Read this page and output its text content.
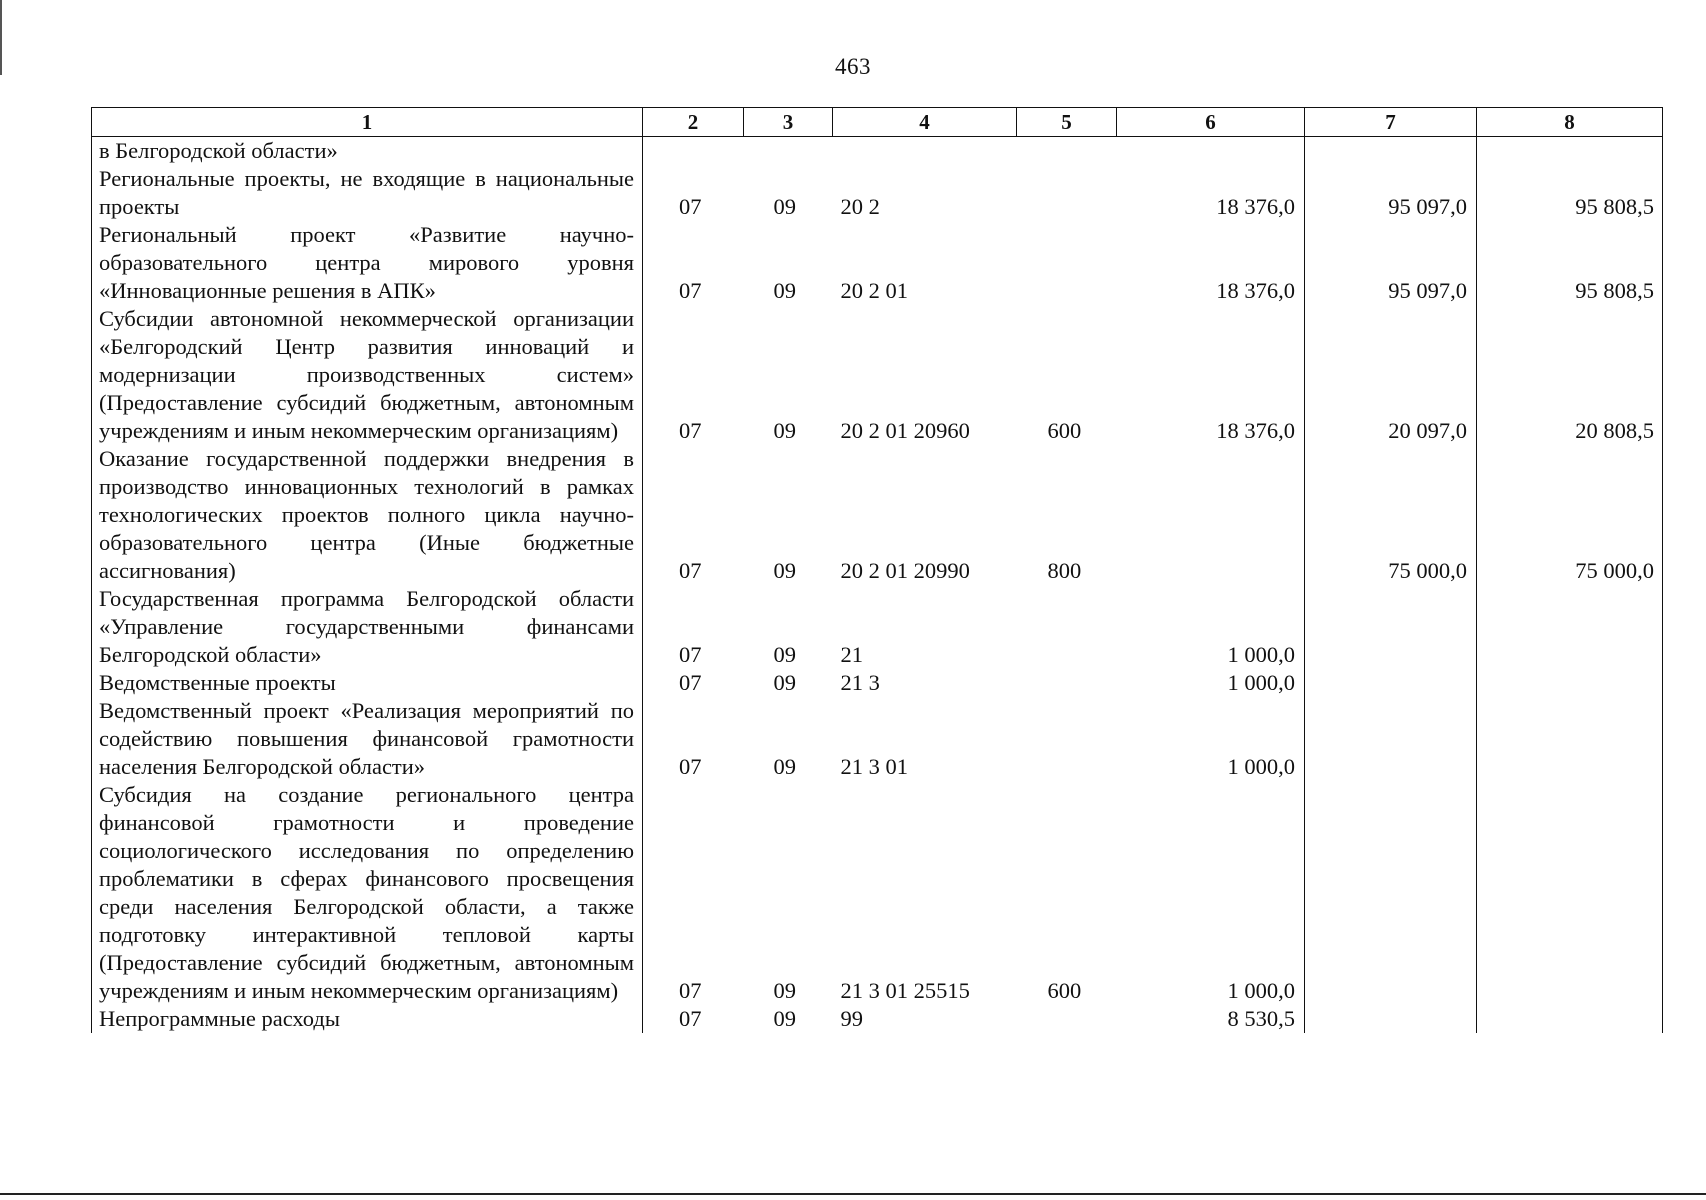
463
1	2	3	4	5	6	7	8

в Белгородской области»							

Региональные проекты, не входящие в национальные проекты	07	09	20 2		18 376,0	95 097,0	95 808,5

Региональный проект «Развитие научно-образовательного центра мирового уровня «Инновационные решения в АПК»	07	09	20 2 01		18 376,0	95 097,0	95 808,5

Субсидии автономной некоммерческой организации «Белгородский Центр развития инноваций и модернизации производственных систем» (Предоставление субсидий бюджетным, автономным учреждениям и иным некоммерческим организациям)	07	09	20 2 01 20960	600	18 376,0	20 097,0	20 808,5

Оказание государственной поддержки внедрения в производство инновационных технологий в рамках технологических проектов полного цикла научно-образовательного центра (Иные бюджетные ассигнования)	07	09	20 2 01 20990	800		75 000,0	75 000,0

Государственная программа Белгородской области «Управление государственными финансами Белгородской области»	07	09	21		1 000,0		

Ведомственные проекты	07	09	21 3		1 000,0		

Ведомственный проект «Реализация мероприятий по содействию повышения финансовой грамотности населения Белгородской области»	07	09	21 3 01		1 000,0		

Субсидия на создание регионального центра финансовой грамотности и проведение социологического исследования по определению проблематики в сферах финансового просвещения среди населения Белгородской области, а также подготовку интерактивной тепловой карты (Предоставление субсидий бюджетным, автономным учреждениям и иным некоммерческим организациям)	07	09	21 3 01 25515	600	1 000,0		

Непрограммные расходы	07	09	99		8 530,5		
